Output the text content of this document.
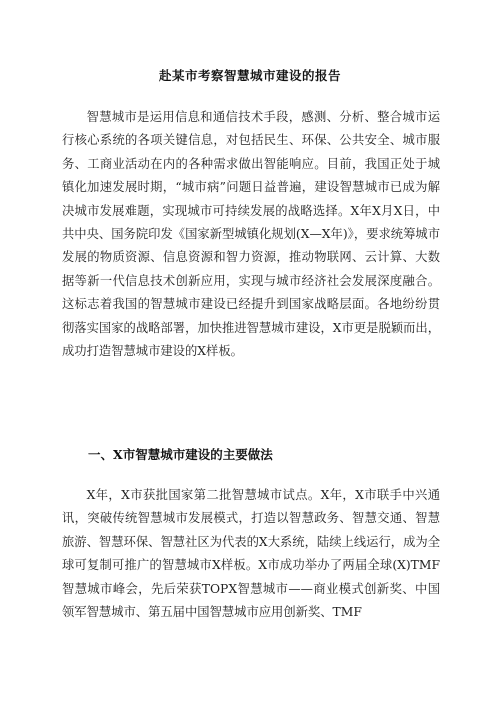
赴某市考察智慧城市建设的报告

智慧城市是运用信息和通信技术手段，感测、分析、整合城市运行核心系统的各项关键信息，对包括民生、环保、公共安全、城市服务、工商业活动在内的各种需求做出智能响应。目前，我国正处于城镇化加速发展时期，“城市病”问题日益普遍，建设智慧城市已成为解决城市发展难题，实现城市可持续发展的战略选择。X年X月X日，中共中央、国务院印发《国家新型城镇化规划(X—X年)》，要求统筹城市发展的物质资源、信息资源和智力资源，推动物联网、云计算、大数据等新一代信息技术创新应用，实现与城市经济社会发展深度融合。这标志着我国的智慧城市建设已经提升到国家战略层面。各地纷纷贯彻落实国家的战略部署，加快推进智慧城市建设，X市更是脱颖而出，成功打造智慧城市建设的X样板。

一、X市智慧城市建设的主要做法

X年，X市获批国家第二批智慧城市试点。X年，X市联手中兴通讯，突破传统智慧城市发展模式，打造以智慧政务、智慧交通、智慧旅游、智慧环保、智慧社区为代表的X大系统，陆续上线运行，成为全球可复制可推广的智慧城市X样板。X市成功举办了两届全球(X)TMF智慧城市峰会，先后荣获TOPX智慧城市——商业模式创新奖、中国领军智慧城市、第五届中国智慧城市应用创新奖、TMF
